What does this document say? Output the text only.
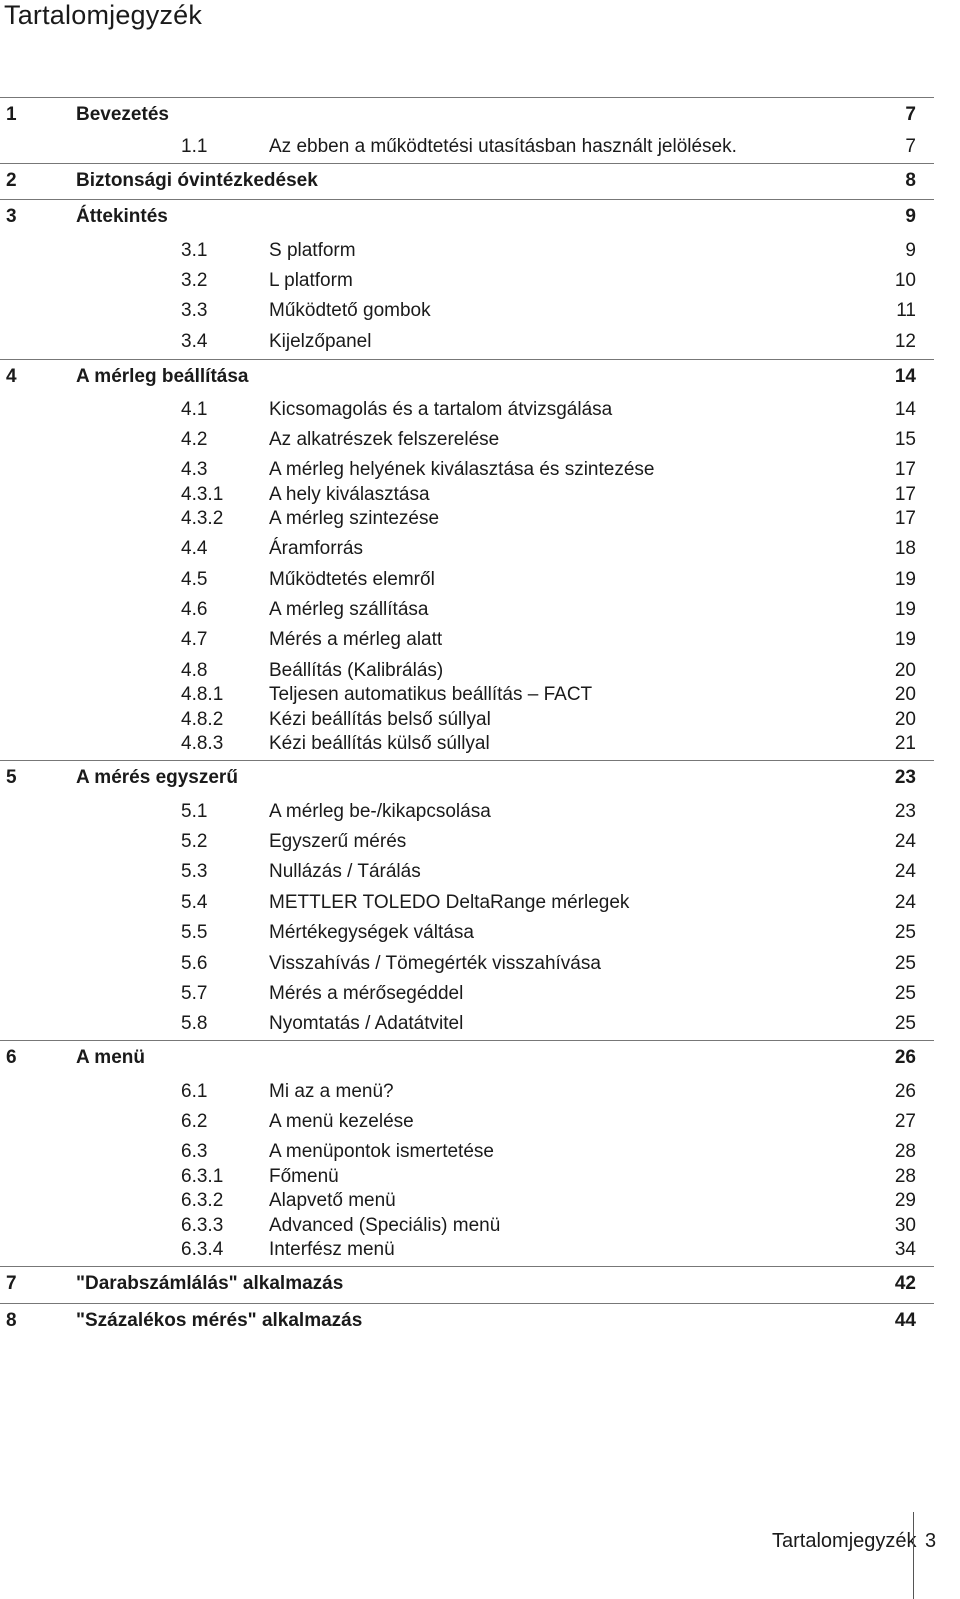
Tartalomjegyzék
1	Bevezetés	7
1.1	Az ebben a működtetési utasításban használt jelölések.	7
2	Biztonsági óvintézkedések	8
3	Áttekintés	9
3.1	S platform	9
3.2	L platform	10
3.3	Működtető gombok	11
3.4	Kijelzőpanel	12
4	A mérleg beállítása	14
4.1	Kicsomagolás és a tartalom átvizsgálása	14
4.2	Az alkatrészek felszerelése	15
4.3	A mérleg helyének kiválasztása és szintezése	17
4.3.1 A hely kiválasztása	17
4.3.2 A mérleg szintezése	17
4.4	Áramforrás	18
4.5	Működtetés elemről	19
4.6	A mérleg szállítása	19
4.7	Mérés a mérleg alatt	19
4.8	Beállítás (Kalibrálás)	20
4.8.1 Teljesen automatikus beállítás – FACT	20
4.8.2 Kézi beállítás belső súllyal	20
4.8.3 Kézi beállítás külső súllyal	21
5	A mérés egyszerű	23
5.1	A mérleg be-/kikapcsolása	23
5.2	Egyszerű mérés	24
5.3	Nullázás / Tárálás	24
5.4	METTLER TOLEDO DeltaRange mérlegek	24
5.5	Mértékegységek váltása	25
5.6	Visszahívás / Tömegérték visszahívása	25
5.7	Mérés a mérősegéddel	25
5.8	Nyomtatás / Adatátvitel	25
6	A menü	26
6.1	Mi az a menü?	26
6.2	A menü kezelése	27
6.3	A menüpontok ismertetése	28
6.3.1 Főmenü	28
6.3.2 Alapvető menü	29
6.3.3 Advanced (Speciális) menü	30
6.3.4 Interfész menü	34
7	"Darabszámlálás" alkalmazás	42
8	"Százalékos mérés" alkalmazás	44
Tartalomjegyzék 3
